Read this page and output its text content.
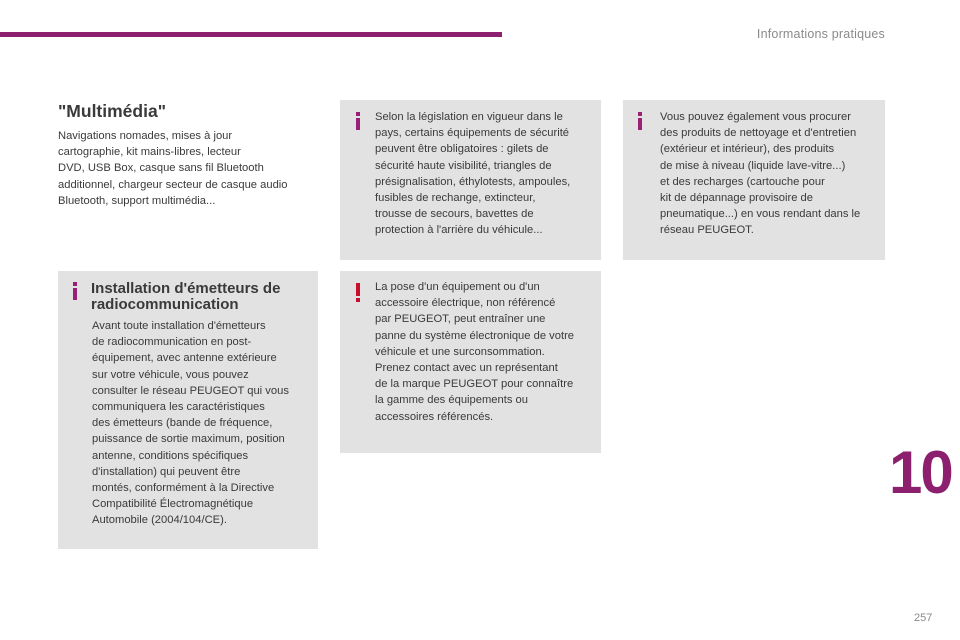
Informations pratiques
"Multimédia"
Navigations nomades, mises à jour
cartographie, kit mains-libres, lecteur
DVD, USB Box, casque sans fil Bluetooth
additionnel, chargeur secteur de casque audio
Bluetooth, support multimédia...
Installation d'émetteurs de
radiocommunication
Avant toute installation d'émetteurs
de radiocommunication en post-
équipement, avec antenne extérieure
sur votre véhicule, vous pouvez
consulter le réseau PEUGEOT qui vous
communiquera les caractéristiques
des émetteurs (bande de fréquence,
puissance de sortie maximum, position
antenne, conditions spécifiques
d'installation) qui peuvent être
montés, conformément à la Directive
Compatibilité Électromagnétique
Automobile (2004/104/CE).
Selon la législation en vigueur dans le
pays, certains équipements de sécurité
peuvent être obligatoires : gilets de
sécurité haute visibilité, triangles de
présignalisation, éthylotests, ampoules,
fusibles de rechange, extincteur,
trousse de secours, bavettes de
protection à l'arrière du véhicule...
La pose d'un équipement ou d'un
accessoire électrique, non référencé
par PEUGEOT, peut entraîner une
panne du système électronique de votre
véhicule et une surconsommation.
Prenez contact avec un représentant
de la marque PEUGEOT pour connaître
la gamme des équipements ou
accessoires référencés.
Vous pouvez également vous procurer
des produits de nettoyage et d'entretien
(extérieur et intérieur), des produits
de mise à niveau (liquide lave-vitre...)
et des recharges (cartouche pour
kit de dépannage provisoire de
pneumatique...) en vous rendant dans le
réseau PEUGEOT.
10
257
